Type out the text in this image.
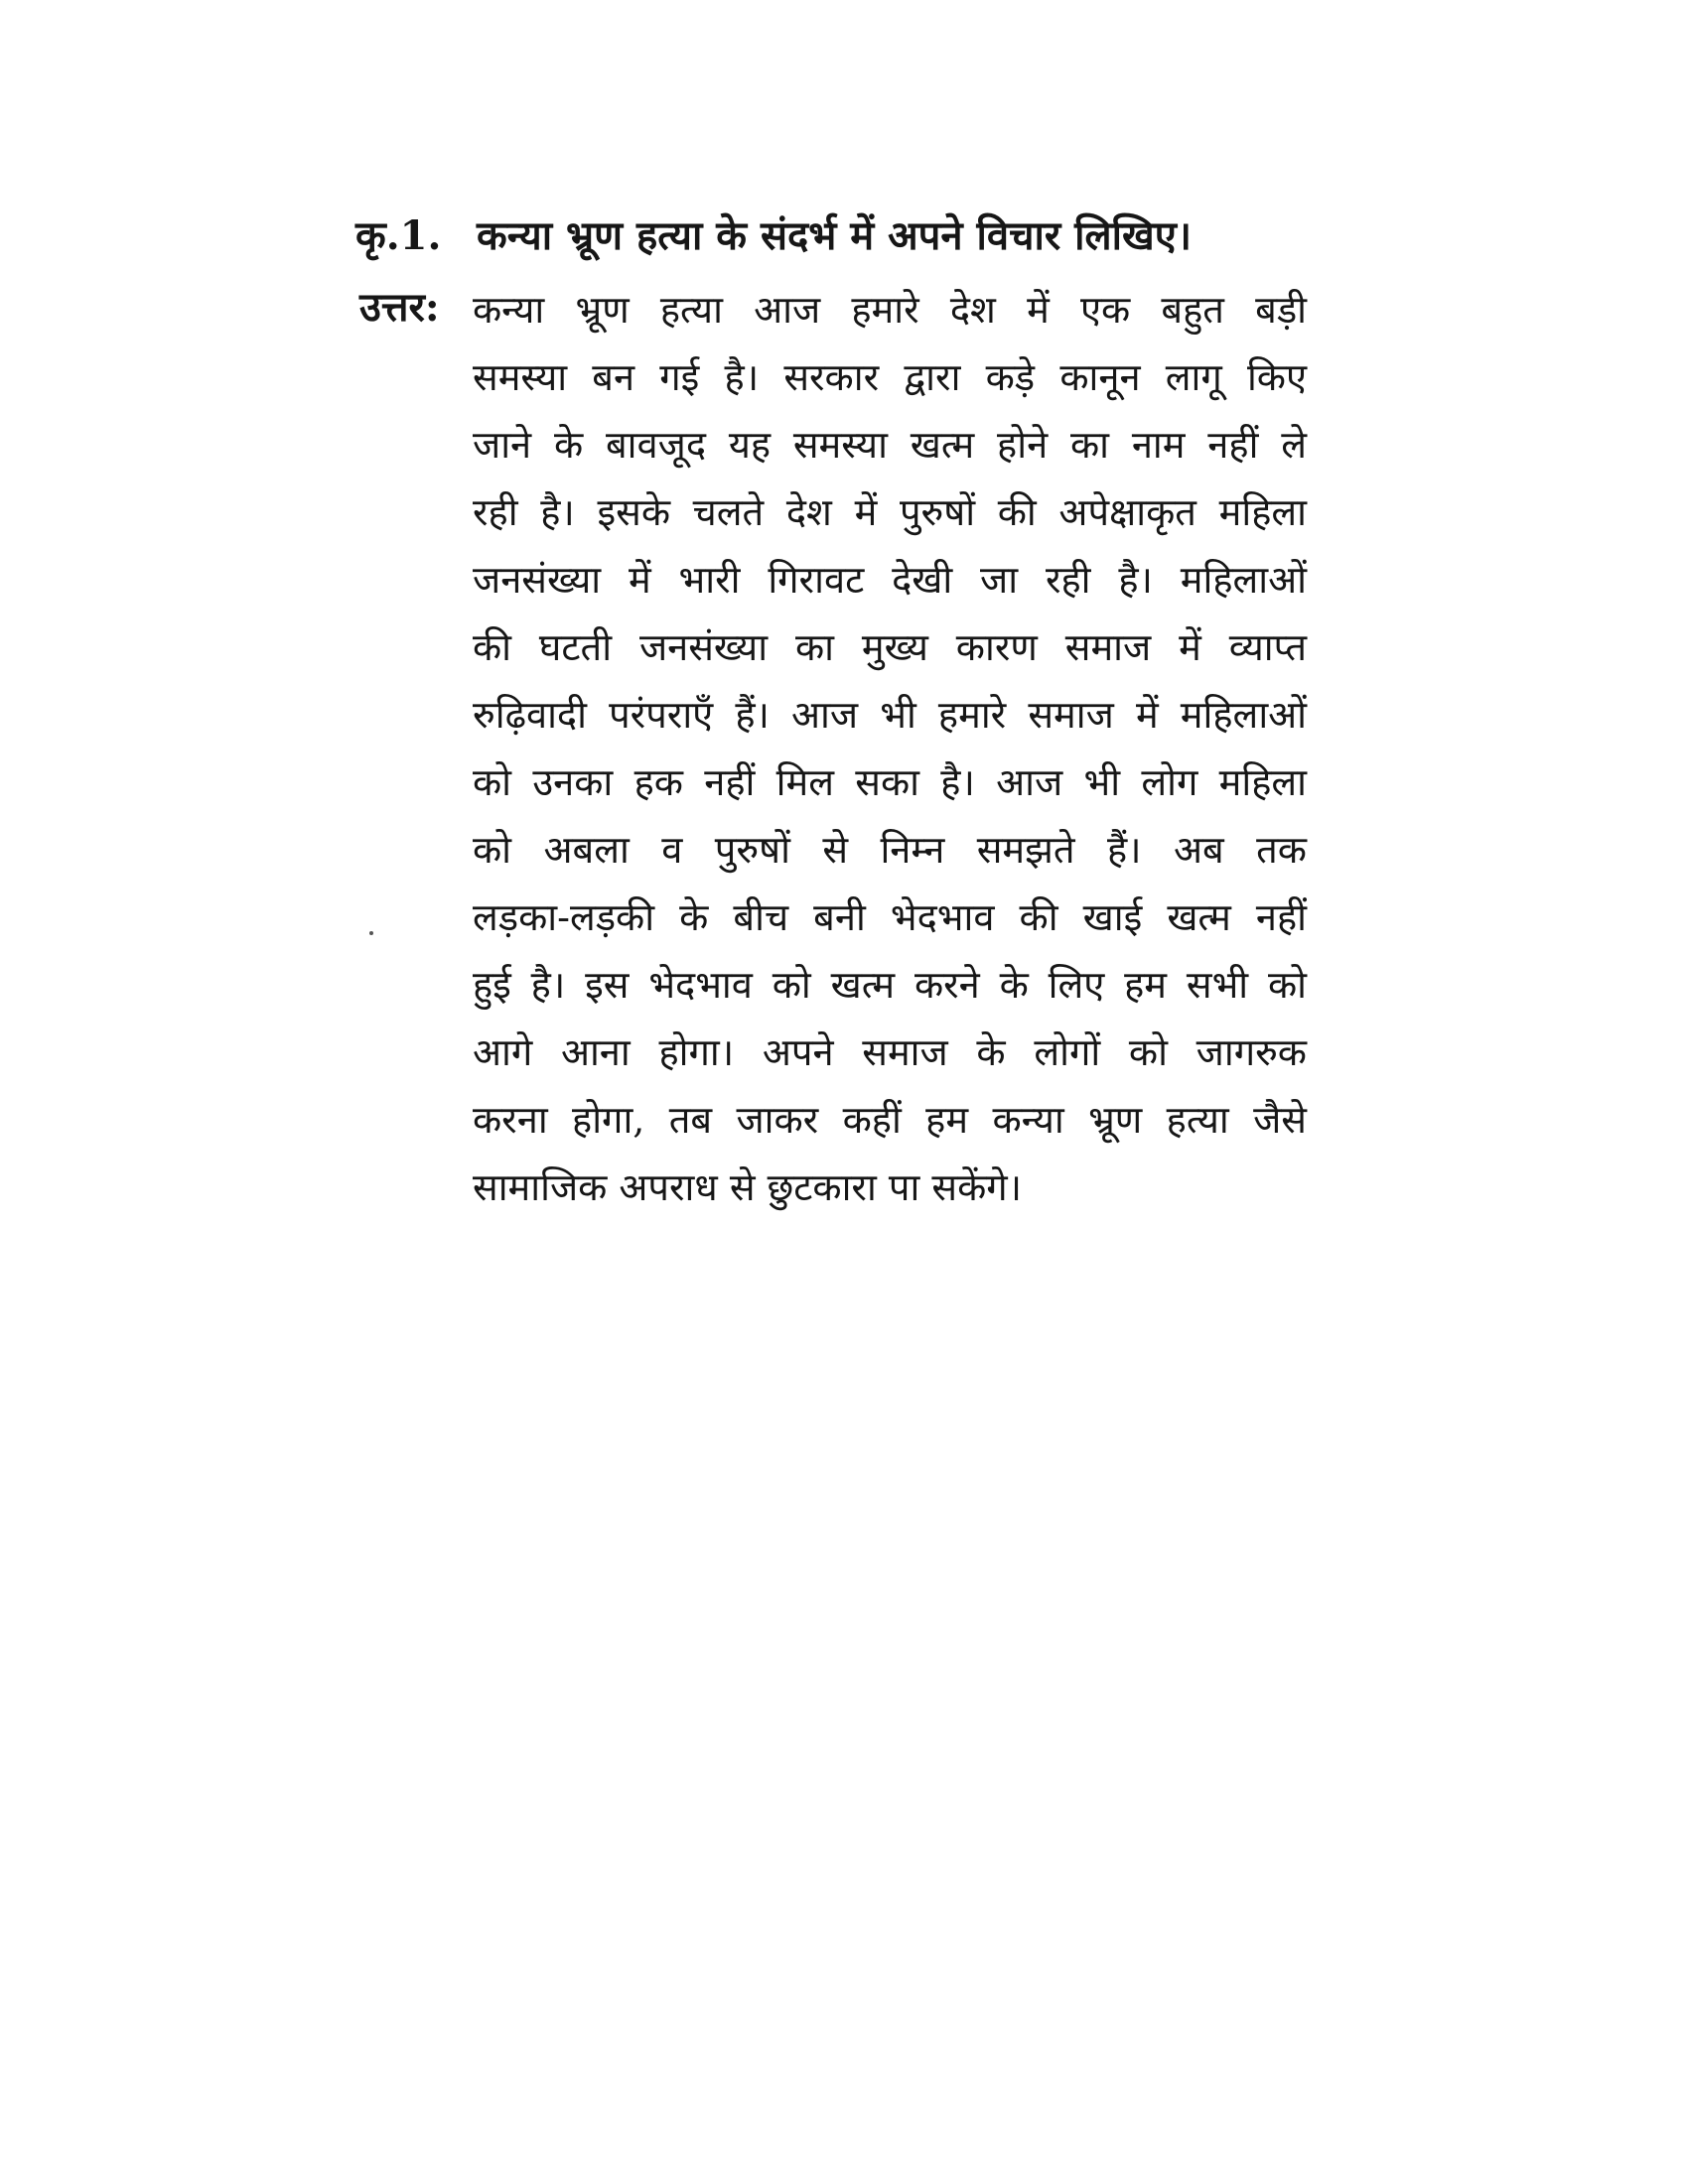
कृ.1. कन्या भ्रूण हत्या के संदर्भ में अपने विचार लिखिए।
उत्तर: कन्या भ्रूण हत्या आज हमारे देश में एक बहुत बड़ी
समस्या बन गई है। सरकार द्वारा कड़े कानून लागू किए
जाने के बावजूद यह समस्या खत्म होने का नाम नहीं ले
रही है। इसके चलते देश में पुरुषों की अपेक्षाकृत महिला
जनसंख्या में भारी गिरावट देखी जा रही है। महिलाओं
की घटती जनसंख्या का मुख्य कारण समाज में व्याप्त
रुढ़िवादी परंपराएँ हैं। आज भी हमारे समाज में महिलाओं
को उनका हक नहीं मिल सका है। आज भी लोग महिला
को अबला व पुरुषों से निम्न समझते हैं। अब तक
लड़का-लड़की के बीच बनी भेदभाव की खाई खत्म नहीं
हुई है। इस भेदभाव को खत्म करने के लिए हम सभी को
आगे आना होगा। अपने समाज के लोगों को जागरुक
करना होगा, तब जाकर कहीं हम कन्या भ्रूण हत्या जैसे
सामाजिक अपराध से छुटकारा पा सकेंगे।
